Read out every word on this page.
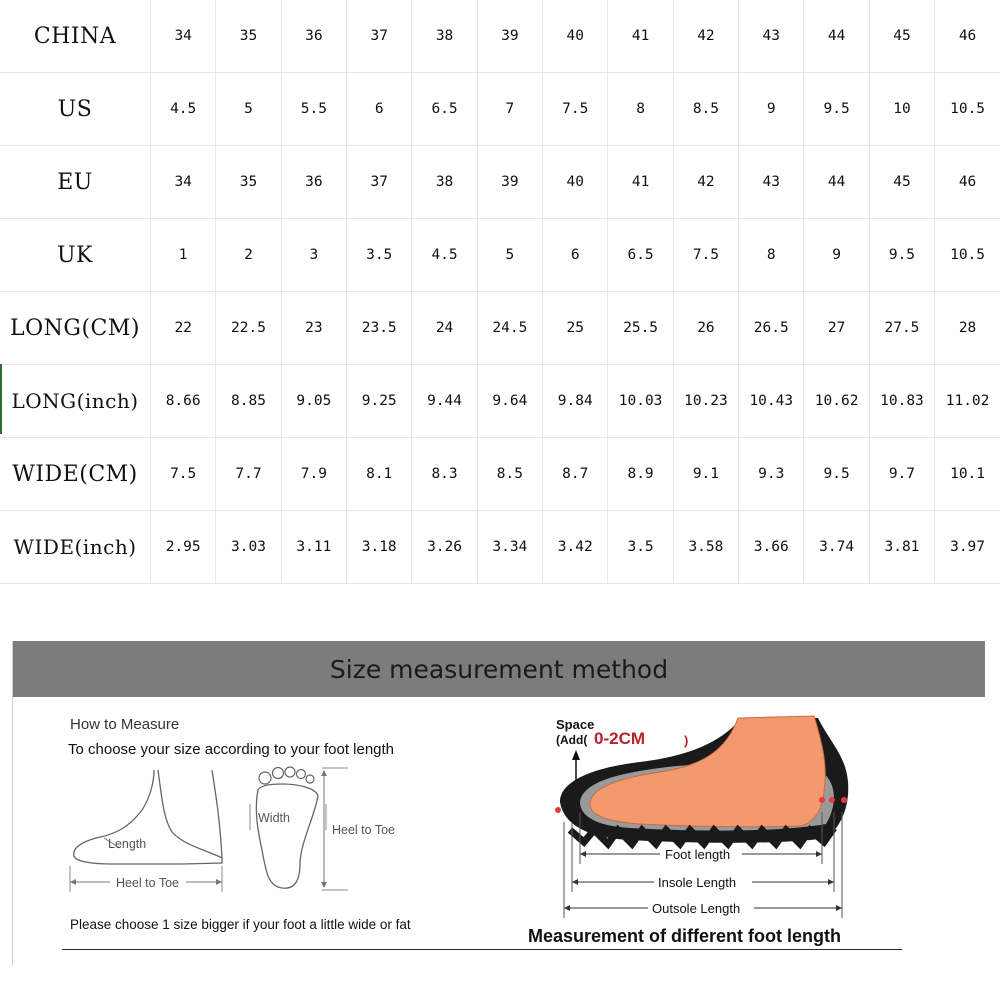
CHINA	34	35	36	37	38	39	40	41	42	43	44	45	46
US	4.5	5	5.5	6	6.5	7	7.5	8	8.5	9	9.5	10	10.5
EU	34	35	36	37	38	39	40	41	42	43	44	45	46
UK	1	2	3	3.5	4.5	5	6	6.5	7.5	8	9	9.5	10.5
LONG(CM)	22	22.5	23	23.5	24	24.5	25	25.5	26	26.5	27	27.5	28
LONG(inch)	8.66	8.85	9.05	9.25	9.44	9.64	9.84	10.03	10.23	10.43	10.62	10.83	11.02
WIDE(CM)	7.5	7.7	7.9	8.1	8.3	8.5	8.7	8.9	9.1	9.3	9.5	9.7	10.1
WIDE(inch)	2.95	3.03	3.11	3.18	3.26	3.34	3.42	3.5	3.58	3.66	3.74	3.81	3.97
Size measurement method
How to Measure
To choose your size according to your foot length
Heel to Toe
Length
Width
Heel to Toe
Please choose 1 size bigger if your foot a little wide or fat
Space
(Add( 0-2CM	)
Foot length
Insole Length
Outsole Length
Measurement of different foot length
